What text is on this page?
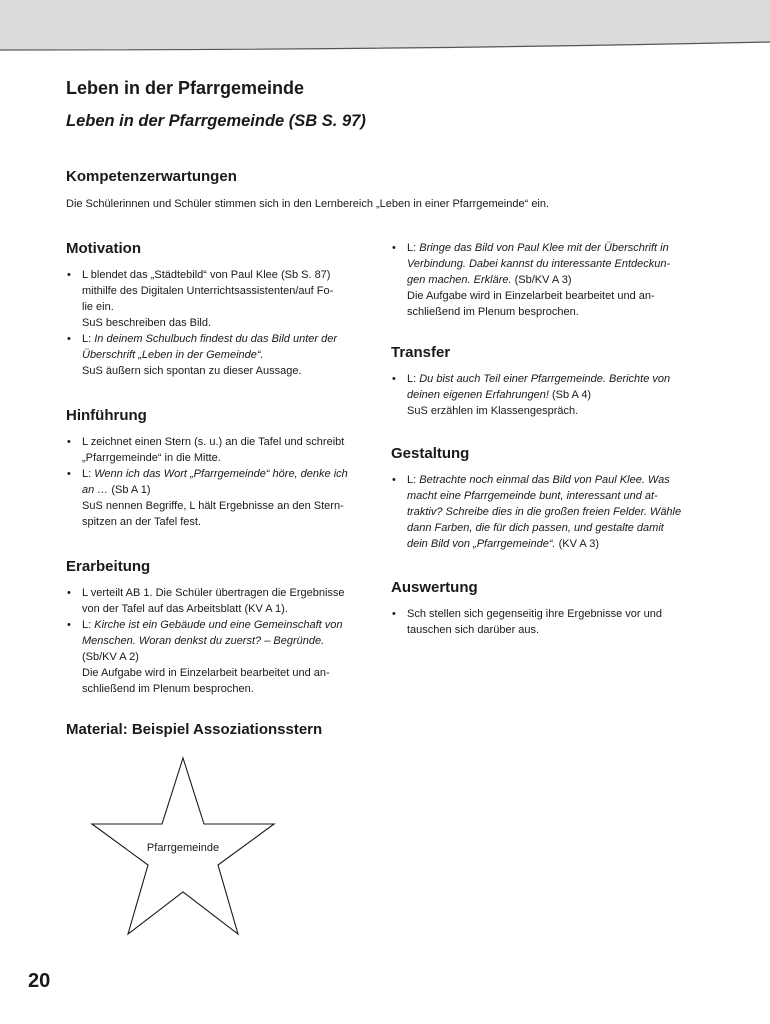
Leben in der Pfarrgemeinde
Leben in der Pfarrgemeinde (SB S. 97)
Kompetenzerwartungen

Die Schülerinnen und Schüler stimmen sich in den Lernbereich „Leben in einer Pfarrgemeinde“ ein.

Motivation
• L blendet das „Städtebild“ von Paul Klee (Sb S. 87)
mithilfe des Digitalen Unterrichtsassistenten/auf Fo-
lie ein.
SuS beschreiben das Bild.
• L: In deinem Schulbuch findest du das Bild unter der
Überschrift „Leben in der Gemeinde“.
SuS äußern sich spontan zu dieser Aussage.
Hinführung
• L zeichnet einen Stern (s. u.) an die Tafel und schreibt
„Pfarrgemeinde“ in die Mitte.
• L: Wenn ich das Wort „Pfarrgemeinde“ höre, denke ich
an … (Sb A 1)
SuS nennen Begriffe, L hält Ergebnisse an den Stern-
spitzen an der Tafel fest.
Erarbeitung
• L verteilt AB 1. Die Schüler übertragen die Ergebnisse
von der Tafel auf das Arbeitsblatt (KV A 1).
• L: Kirche ist ein Gebäude und eine Gemeinschaft von
Menschen. Woran denkst du zuerst? – Begründe.
(Sb/KV A 2)
Die Aufgabe wird in Einzelarbeit bearbeitet und an-
schließend im Plenum besprochen.
• L: Bringe das Bild von Paul Klee mit der Überschrift in
Verbindung. Dabei kannst du interessante Entdeckun-
gen machen. Erkläre. (Sb/KV A 3)
Die Aufgabe wird in Einzelarbeit bearbeitet und an-
schließend im Plenum besprochen.
Transfer
• L: Du bist auch Teil einer Pfarrgemeinde. Berichte von
deinen eigenen Erfahrungen! (Sb A 4)
SuS erzählen im Klassengespräch.
Gestaltung
• L: Betrachte noch einmal das Bild von Paul Klee. Was
macht eine Pfarrgemeinde bunt, interessant und at-
traktiv? Schreibe dies in die großen freien Felder. Wähle
dann Farben, die für dich passen, und gestalte damit
dein Bild von „Pfarrgemeinde“. (KV A 3)
Auswertung
• Sch stellen sich gegenseitig ihre Ergebnisse vor und
tauschen sich darüber aus.
Material: Beispiel Assoziationsstern
Pfarrgemeinde
20
